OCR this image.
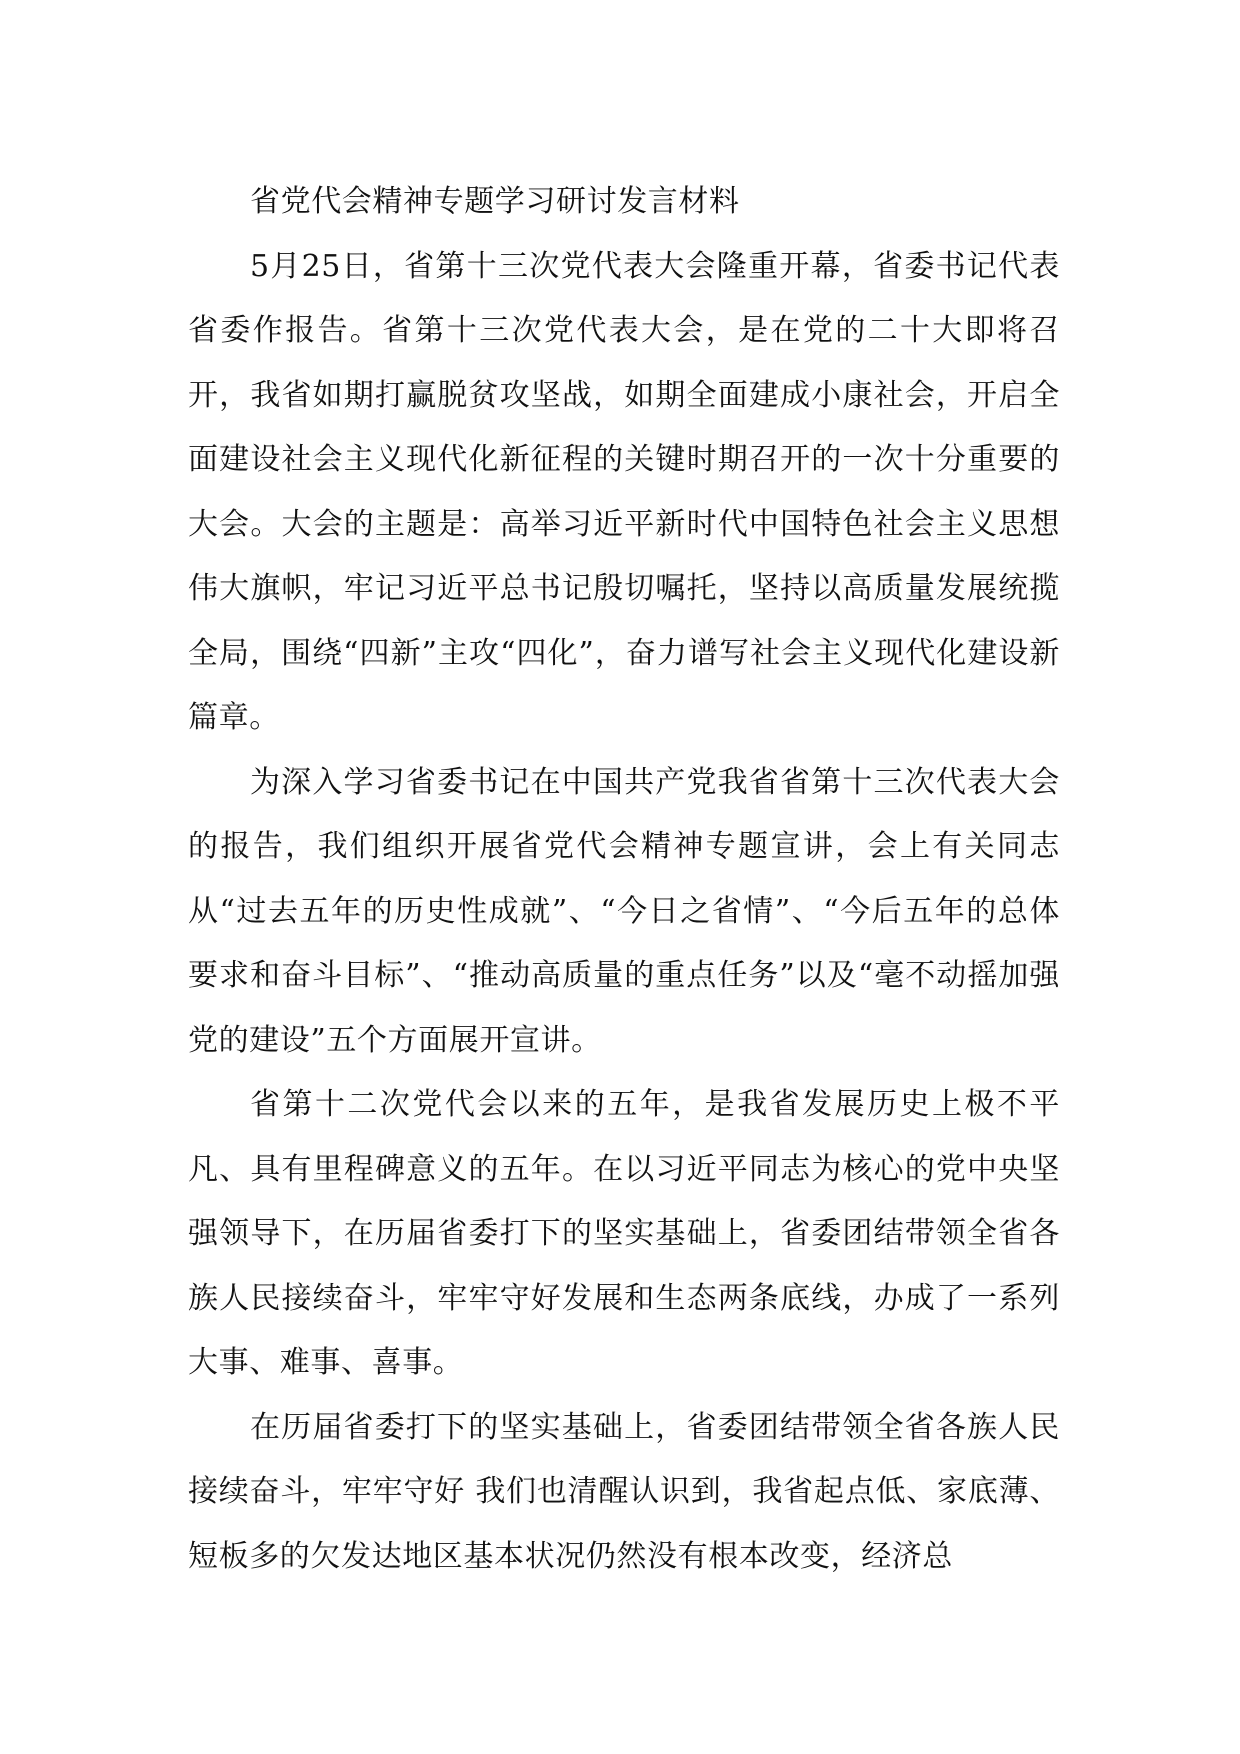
省党代会精神专题学习研讨发言材料

5月25日，省第十三次党代表大会隆重开幕，省委书记代表省委作报告。省第十三次党代表大会，是在党的二十大即将召开，我省如期打赢脱贫攻坚战，如期全面建成小康社会，开启全面建设社会主义现代化新征程的关键时期召开的一次十分重要的大会。大会的主题是：高举习近平新时代中国特色社会主义思想伟大旗帜，牢记习近平总书记殷切嘱托，坚持以高质量发展统揽全局，围绕“四新”主攻“四化”，奋力谱写社会主义现代化建设新篇章。

为深入学习省委书记在中国共产党我省省第十三次代表大会的报告，我们组织开展省党代会精神专题宣讲，会上有关同志从“过去五年的历史性成就”、“今日之省情”、“今后五年的总体要求和奋斗目标”、“推动高质量的重点任务”以及“毫不动摇加强党的建设”五个方面展开宣讲。

省第十二次党代会以来的五年，是我省发展历史上极不平凡、具有里程碑意义的五年。在以习近平同志为核心的党中央坚强领导下，在历届省委打下的坚实基础上，省委团结带领全省各族人民接续奋斗，牢牢守好发展和生态两条底线，办成了一系列大事、难事、喜事。

在历届省委打下的坚实基础上，省委团结带领全省各族人民接续奋斗，牢牢守好 我们也清醒认识到，我省起点低、家底薄、短板多的欠发达地区基本状况仍然没有根本改变，经济总
